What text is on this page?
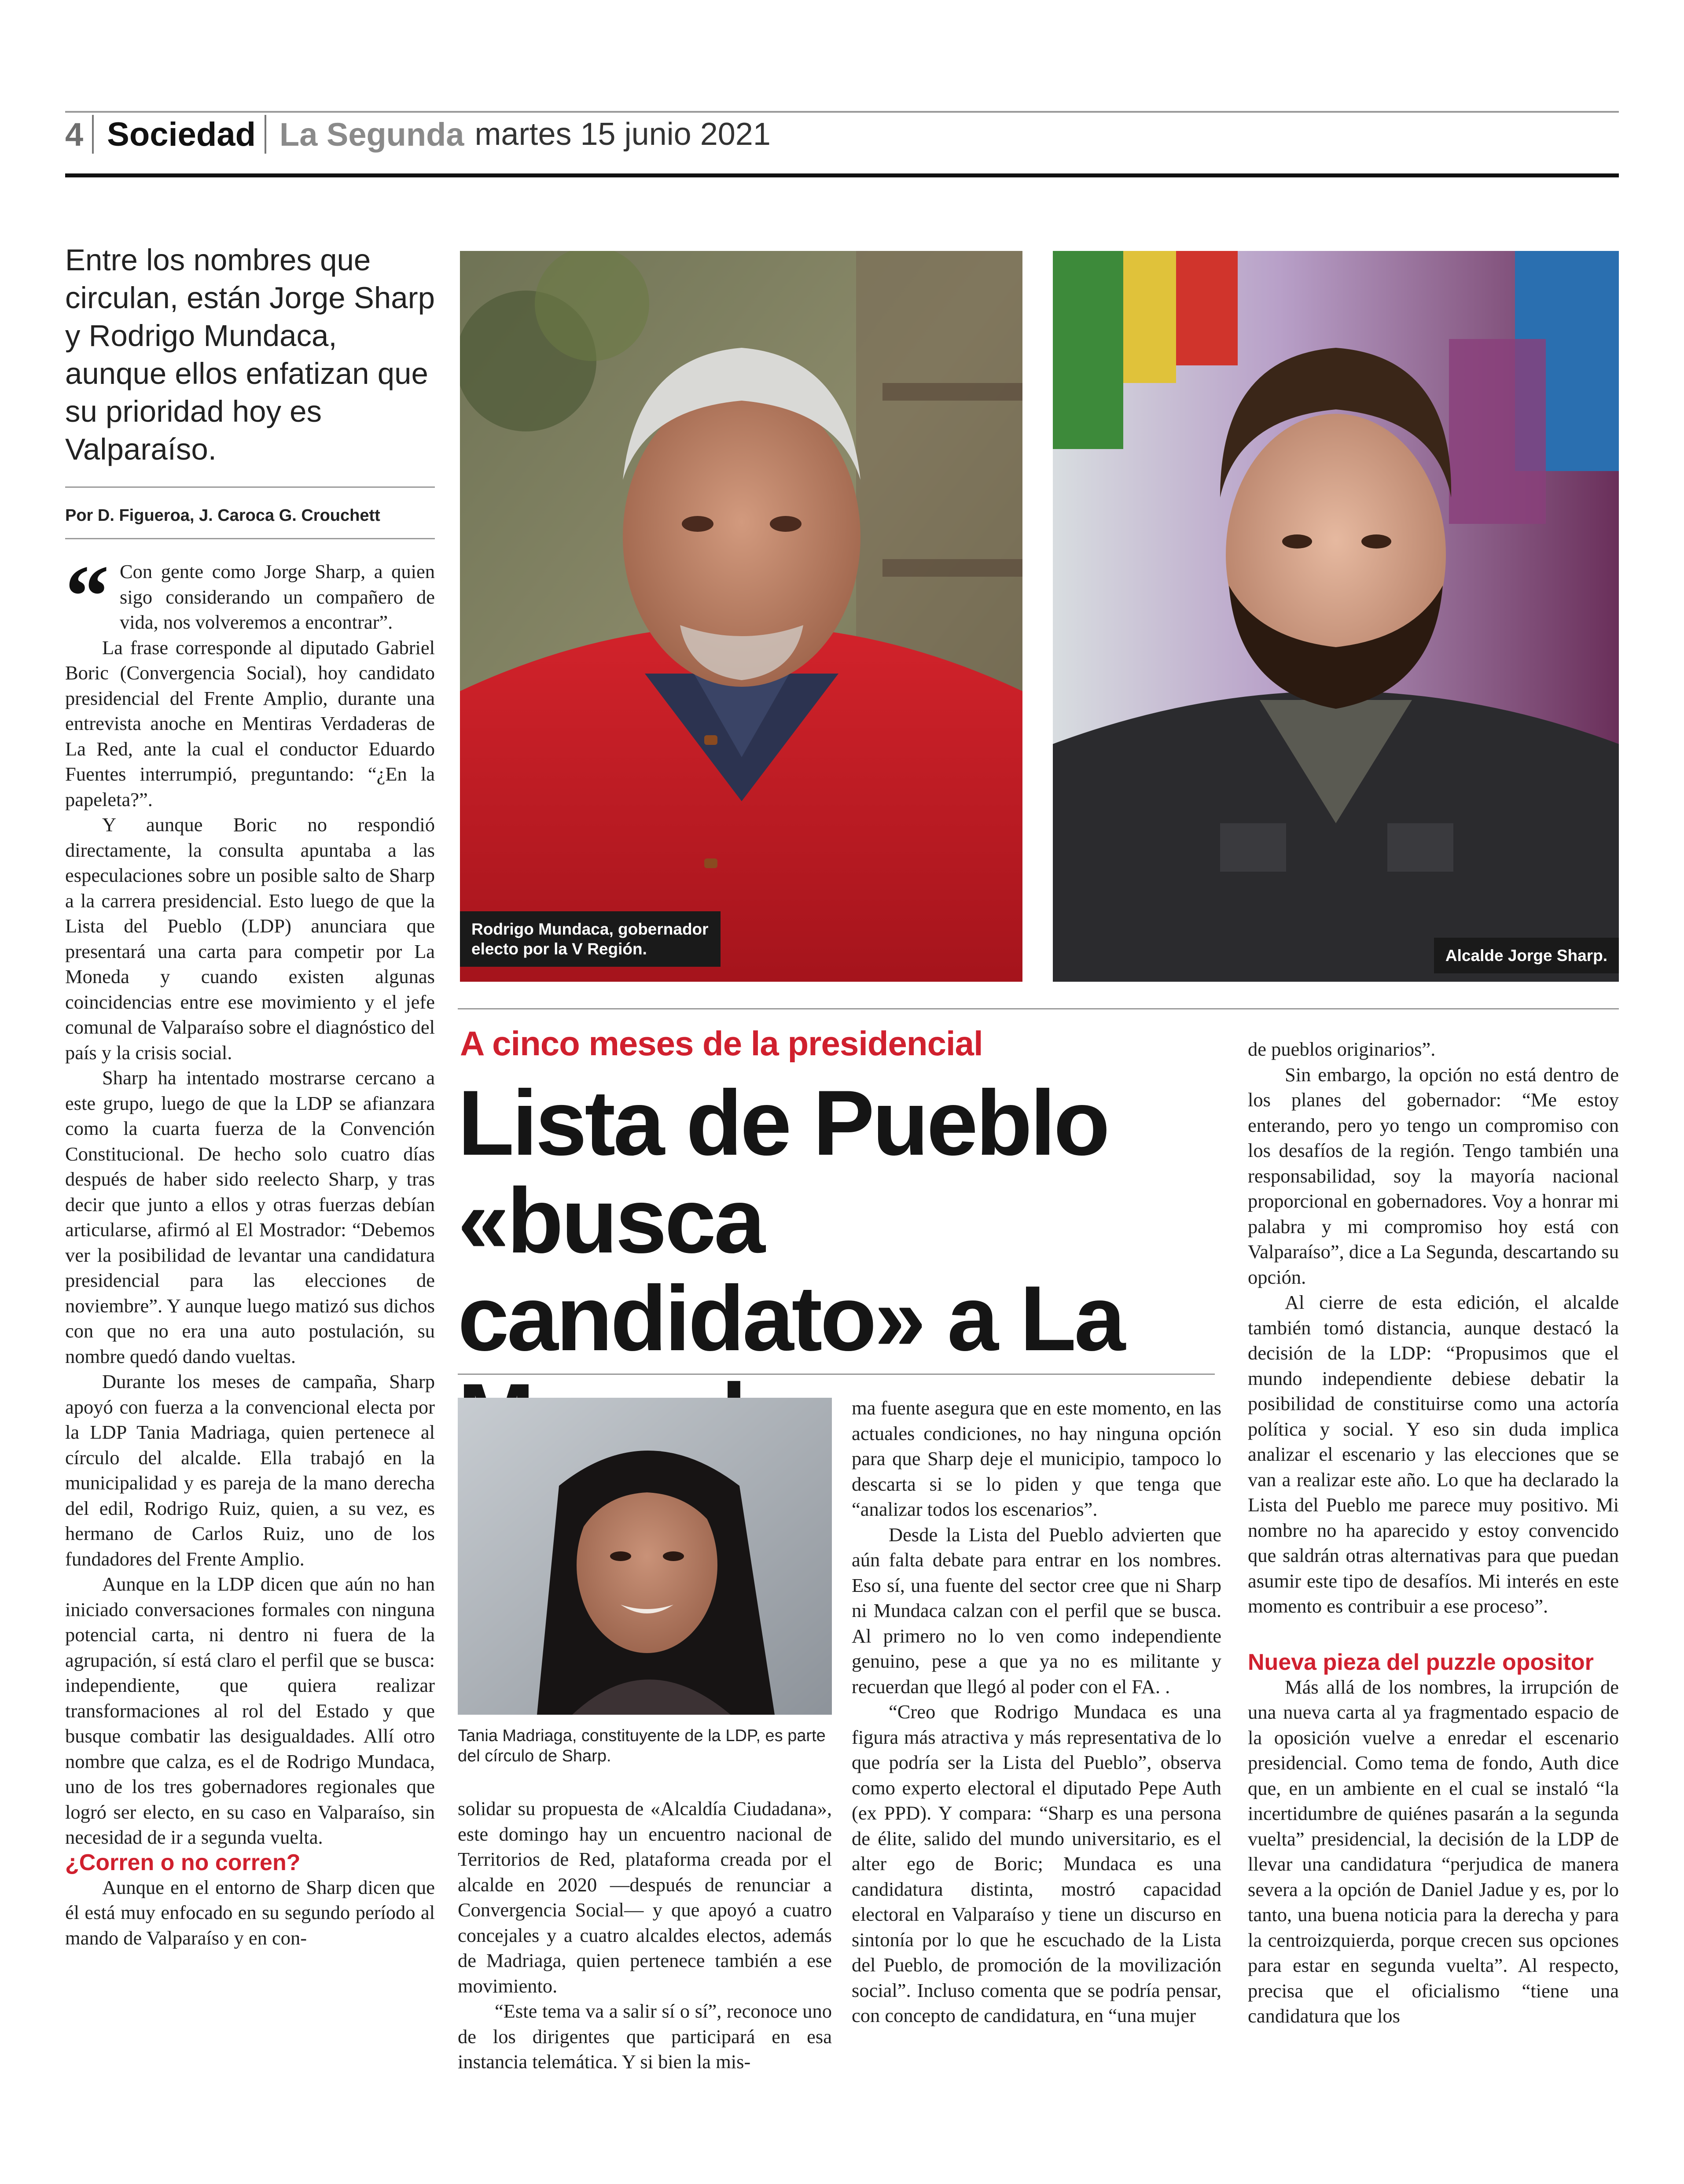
4 Sociedad La Segunda martes 15 junio 2021
Entre los nombres que circulan, están Jorge Sharp y Rodrigo Mundaca, aunque ellos enfatizan que su prioridad hoy es Valparaíso.
Por D. Figueroa, J. Caroca G. Crouchett
“ Con gente como Jorge Sharp, a quien sigo considerando un compañero de vida, nos volveremos a encontrar”.

La frase corresponde al diputado Gabriel Boric (Convergencia Social), hoy candidato presidencial del Frente Amplio, durante una entrevista anoche en Mentiras Verdaderas de La Red, ante la cual el conductor Eduardo Fuentes interrumpió, preguntando: “¿En la papeleta?”.

Y aunque Boric no respondió directamente, la consulta apuntaba a las especulaciones sobre un posible salto de Sharp a la carrera presidencial. Esto luego de que la Lista del Pueblo (LDP) anunciara que presentará una carta para competir por La Moneda y cuando existen algunas coincidencias entre ese movimiento y el jefe comunal de Valparaíso sobre el diagnóstico del país y la crisis social.

Sharp ha intentado mostrarse cercano a este grupo, luego de que la LDP se afianzara como la cuarta fuerza de la Convención Constitucional. De hecho solo cuatro días después de haber sido reelecto Sharp, y tras decir que junto a ellos y otras fuerzas debían articularse, afirmó al El Mostrador: “Debemos ver la posibilidad de levantar una candidatura presidencial para las elecciones de noviembre”. Y aunque luego matizó sus dichos con que no era una auto postulación, su nombre quedó dando vueltas.

Durante los meses de campaña, Sharp apoyó con fuerza a la convencional electa por la LDP Tania Madriaga, quien pertenece al círculo del alcalde. Ella trabajó en la municipalidad y es pareja de la mano derecha del edil, Rodrigo Ruiz, quien, a su vez, es hermano de Carlos Ruiz, uno de los fundadores del Frente Amplio.

Aunque en la LDP dicen que aún no han iniciado conversaciones formales con ninguna potencial carta, ni dentro ni fuera de la agrupación, sí está claro el perfil que se busca: independiente, que quiera realizar transformaciones al rol del Estado y que busque combatir las desigualdades. Allí otro nombre que calza, es el de Rodrigo Mundaca, uno de los tres gobernadores regionales que logró ser electo, en su caso en Valparaíso, sin necesidad de ir a segunda vuelta.

¿Corren o no corren?

Aunque en el entorno de Sharp dicen que él está muy enfocado en su segundo período al mando de Valparaíso y en con-

Rodrigo Mundaca, gobernador electo por la V Región.	Alcalde Jorge Sharp.
A cinco meses de la presidencial
Lista de Pueblo «busca candidato» a La
Tania Madriaga, constituyente de la LDP, es parte del círculo de Sharp.

solidar su propuesta de «Alcaldía Ciudadana», este domingo hay un encuentro nacional de Territorios de Red, plataforma creada por el alcalde en 2020 —después de renunciar a Convergencia Social— y que apoyó a cuatro concejales y a cuatro alcaldes electos, además de Madriaga, quien pertenece también a ese movimiento.

“Este tema va a salir sí o sí”, reconoce uno de los dirigentes que participará en esa instancia telemática. Y si bien la mis-

ma fuente asegura que en este momento, en las actuales condiciones, no hay ninguna opción para que Sharp deje el municipio, tampoco lo descarta si se lo piden y que tenga que “analizar todos los escenarios”.

Desde la Lista del Pueblo advierten que aún falta debate para entrar en los nombres. Eso sí, una fuente del sector cree que ni Sharp ni Mundaca calzan con el perfil que se busca. Al primero no lo ven como independiente genuino, pese a que ya no es militante y recuerdan que llegó al poder con el FA. .

“Creo que Rodrigo Mundaca es una figura más atractiva y más representativa de lo que podría ser la Lista del Pueblo”, observa como experto electoral el diputado Pepe Auth (ex PPD). Y compara: “Sharp es una persona de élite, salido del mundo universitario, es el alter ego de Boric; Mundaca es una candidatura distinta, mostró capacidad electoral en Valparaíso y tiene un discurso en sintonía por lo que he escuchado de la Lista del Pueblo, de promoción de la movilización social”. Incluso comenta que se podría pensar, con concepto de candidatura, en “una mujer

de pueblos originarios”.

Sin embargo, la opción no está dentro de los planes del gobernador: “Me estoy enterando, pero yo tengo un compromiso con los desafíos de la región. Tengo también una responsabilidad, soy la mayoría nacional proporcional en gobernadores. Voy a honrar mi palabra y mi compromiso hoy está con Valparaíso”, dice a La Segunda, descartando su opción.

Al cierre de esta edición, el alcalde también tomó distancia, aunque destacó la decisión de la LDP: “Propusimos que el mundo independiente debiese debatir la posibilidad de constituirse como una actoría política y social. Y eso sin duda implica analizar el escenario y las elecciones que se van a realizar este año. Lo que ha declarado la Lista del Pueblo me parece muy positivo. Mi nombre no ha aparecido y estoy convencido que saldrán otras alternativas para que puedan asumir este tipo de desafíos. Mi interés en este momento es contribuir a ese proceso”.

Nueva pieza del puzzle opositor

Más allá de los nombres, la irrupción de una nueva carta al ya fragmentado espacio de la oposición vuelve a enredar el escenario presidencial. Como tema de fondo, Auth dice que, en un ambiente en el cual se instaló “la incertidumbre de quiénes pasarán a la segunda vuelta” presidencial, la decisión de la LDP de llevar una candidatura “perjudica de manera severa a la opción de Daniel Jadue y es, por lo tanto, una buena noticia para la derecha y para la centroizquierda, porque crecen sus opciones para estar en segunda vuelta”. Al respecto, precisa que el oficialismo “tiene una candidatura que los
